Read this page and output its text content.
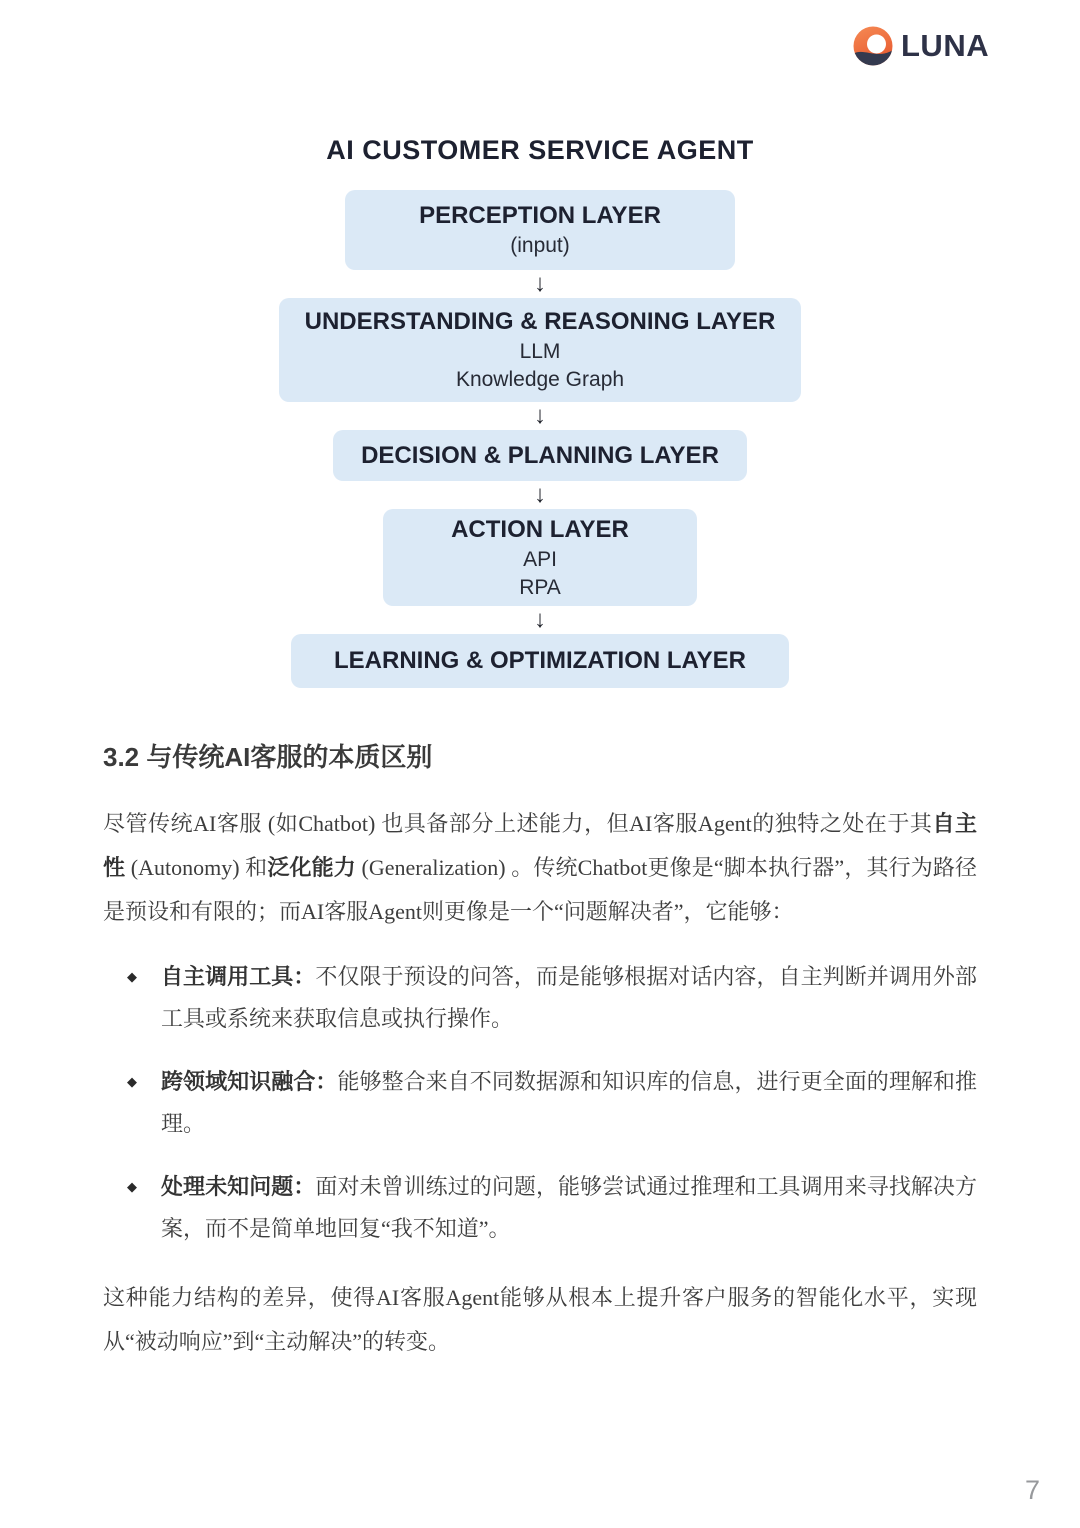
LUNA
AI CUSTOMER SERVICE AGENT
PERCEPTION LAYER
(input)
↓
UNDERSTANDING & REASONING LAYER
LLM
Knowledge Graph
↓
DECISION & PLANNING LAYER
↓
ACTION LAYER
API
RPA
↓
LEARNING & OPTIMIZATION LAYER
3.2 与传统AI客服的本质区别
尽管传统AI客服 (如Chatbot) 也具备部分上述能力，但AI客服Agent的独特之处在于其自主性 (Autonomy) 和泛化能力 (Generalization) 。传统Chatbot更像是“脚本执行器”，其行为路径是预设和有限的；而AI客服Agent则更像是一个“问题解决者”，它能够：
◆	自主调用工具：不仅限于预设的问答，而是能够根据对话内容，自主判断并调用外部工具或系统来获取信息或执行操作。
◆	跨领域知识融合：能够整合来自不同数据源和知识库的信息，进行更全面的理解和推理。
◆	处理未知问题：面对未曾训练过的问题，能够尝试通过推理和工具调用来寻找解决方案，而不是简单地回复“我不知道”。
这种能力结构的差异，使得AI客服Agent能够从根本上提升客户服务的智能化水平，实现从“被动响应”到“主动解决”的转变。
7
